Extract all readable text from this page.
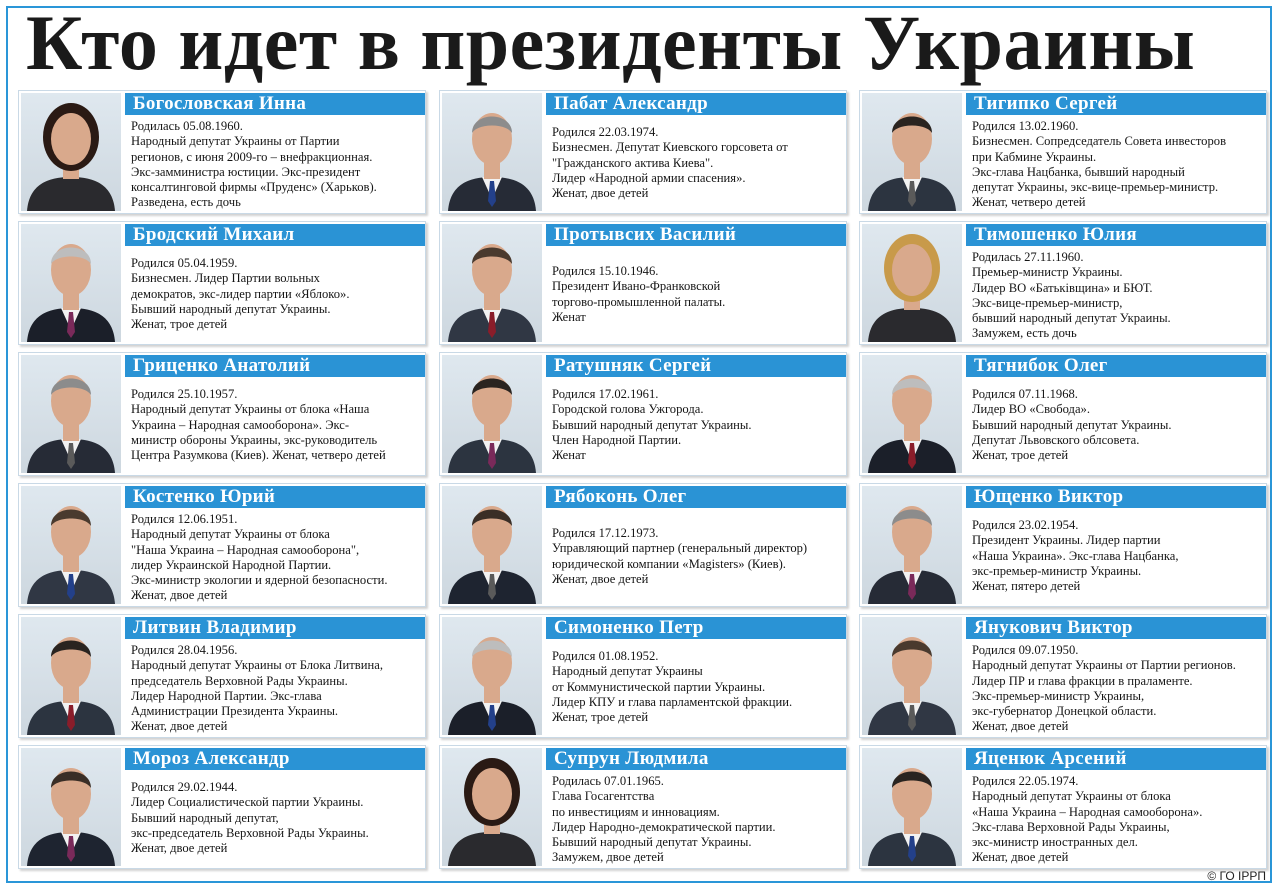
Кто идет в президенты Украины
Богословская Инна
Родилась 05.08.1960.
Народный депутат Украины от Партии
регионов, с июня 2009-го – внефракционная.
Экс-замминистра юстиции. Экс-президент
консалтинговой фирмы «Пруденс» (Харьков).
Разведена, есть дочь
Пабат Александр
Родился 22.03.1974.
Бизнесмен. Депутат Киевского горсовета от
"Гражданского актива Киева".
Лидер «Народной армии спасения».
Женат, двое детей
Тигипко Сергей
Родился 13.02.1960.
Бизнесмен. Сопредседатель Совета инвесторов
при Кабмине Украины.
Экс-глава Нацбанка, бывший народный
депутат Украины, экс-вице-премьер-министр.
Женат, четверо детей
Бродский Михаил
Родился 05.04.1959.
Бизнесмен. Лидер Партии вольных
демократов, экс-лидер партии «Яблоко».
Бывший народный депутат Украины.
Женат, трое детей
Протывсих Василий
Родился 15.10.1946.
Президент Ивано-Франковской
торгово-промышленной палаты.
Женат
Тимошенко Юлия
Родилась 27.11.1960.
Премьер-министр Украины.
Лидер ВО «Батьківщина» и БЮТ.
Экс-вице-премьер-министр,
бывший народный депутат Украины.
Замужем, есть дочь
Гриценко Анатолий
Родился 25.10.1957.
Народный депутат Украины от блока «Наша
Украина – Народная самооборона». Экс-
министр обороны Украины, экс-руководитель
Центра Разумкова (Киев). Женат, четверо детей
Ратушняк Сергей
Родился 17.02.1961.
Городской голова Ужгорода.
Бывший народный депутат Украины.
Член Народной Партии.
Женат
Тягнибок Олег
Родился 07.11.1968.
Лидер ВО «Свобода».
Бывший народный депутат Украины.
Депутат Львовского облсовета.
Женат, трое детей
Костенко Юрий
Родился 12.06.1951.
Народный депутат Украины от блока
"Наша Украина – Народная самооборона",
лидер Украинской Народной Партии.
Экс-министр экологии и ядерной безопасности.
Женат, двое детей
Рябоконь Олег
Родился 17.12.1973.
Управляющий партнер (генеральный директор)
юридической компании «Magisters» (Киев).
Женат, двое детей
Ющенко Виктор
Родился 23.02.1954.
Президент Украины. Лидер партии
«Наша Украина». Экс-глава Нацбанка,
экс-премьер-министр Украины.
Женат, пятеро детей
Литвин Владимир
Родился 28.04.1956.
Народный депутат Украины от Блока Литвина,
председатель Верховной Рады Украины.
Лидер Народной Партии. Экс-глава
Администрации Президента Украины.
Женат, двое детей
Симоненко Петр
Родился 01.08.1952.
Народный депутат Украины
от Коммунистической партии Украины.
Лидер КПУ и глава парламентской фракции.
Женат, трое детей
Янукович Виктор
Родился 09.07.1950.
Народный депутат Украины от Партии регионов.
Лидер ПР и глава фракции в праламенте.
Экс-премьер-министр Украины,
экс-губернатор Донецкой области.
Женат, двое детей
Мороз Александр
Родился 29.02.1944.
Лидер Социалистической партии Украины.
Бывший народный депутат,
экс-председатель Верховной Рады Украины.
Женат, двое детей
Супрун Людмила
Родилась 07.01.1965.
Глава Госагентства
по инвестициям и инновациям.
Лидер Народно-демократической партии.
Бывший народный депутат Украины.
Замужем, двое детей
Яценюк Арсений
Родился 22.05.1974.
Народный депутат Украины от блока
«Наша Украина – Народная самооборона».
Экс-глава Верховной Рады Украины,
экс-министр иностранных дел.
Женат, двое детей
© ГО ІРРП
